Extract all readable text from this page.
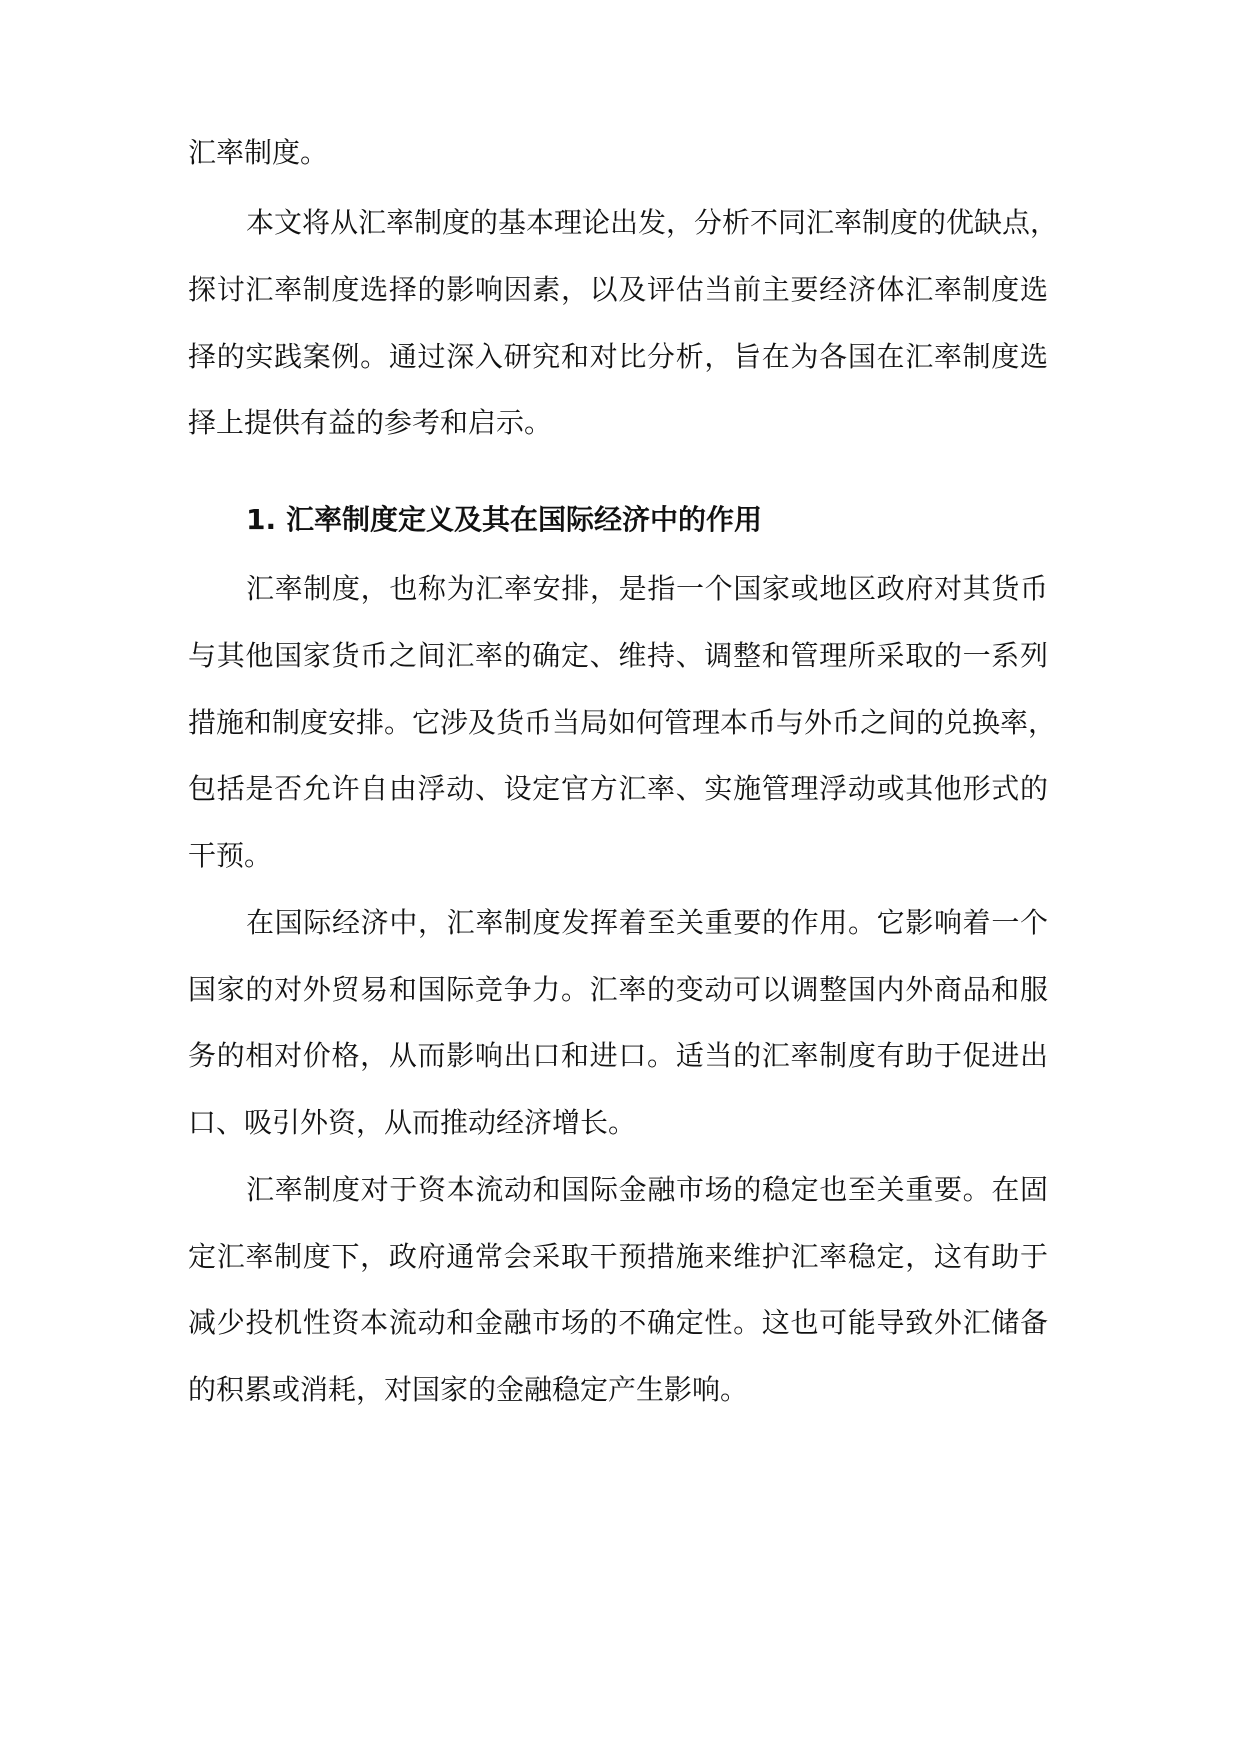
汇率制度。
本文将从汇率制度的基本理论出发，分析不同汇率制度的优缺点，
探讨汇率制度选择的影响因素，以及评估当前主要经济体汇率制度选
择的实践案例。通过深入研究和对比分析，旨在为各国在汇率制度选
择上提供有益的参考和启示。
1. 汇率制度定义及其在国际经济中的作用
汇率制度，也称为汇率安排，是指一个国家或地区政府对其货币
与其他国家货币之间汇率的确定、维持、调整和管理所采取的一系列
措施和制度安排。它涉及货币当局如何管理本币与外币之间的兑换率，
包括是否允许自由浮动、设定官方汇率、实施管理浮动或其他形式的
干预。
在国际经济中，汇率制度发挥着至关重要的作用。它影响着一个
国家的对外贸易和国际竞争力。汇率的变动可以调整国内外商品和服
务的相对价格，从而影响出口和进口。适当的汇率制度有助于促进出
口、吸引外资，从而推动经济增长。
汇率制度对于资本流动和国际金融市场的稳定也至关重要。在固
定汇率制度下，政府通常会采取干预措施来维护汇率稳定，这有助于
减少投机性资本流动和金融市场的不确定性。这也可能导致外汇储备
的积累或消耗，对国家的金融稳定产生影响。
